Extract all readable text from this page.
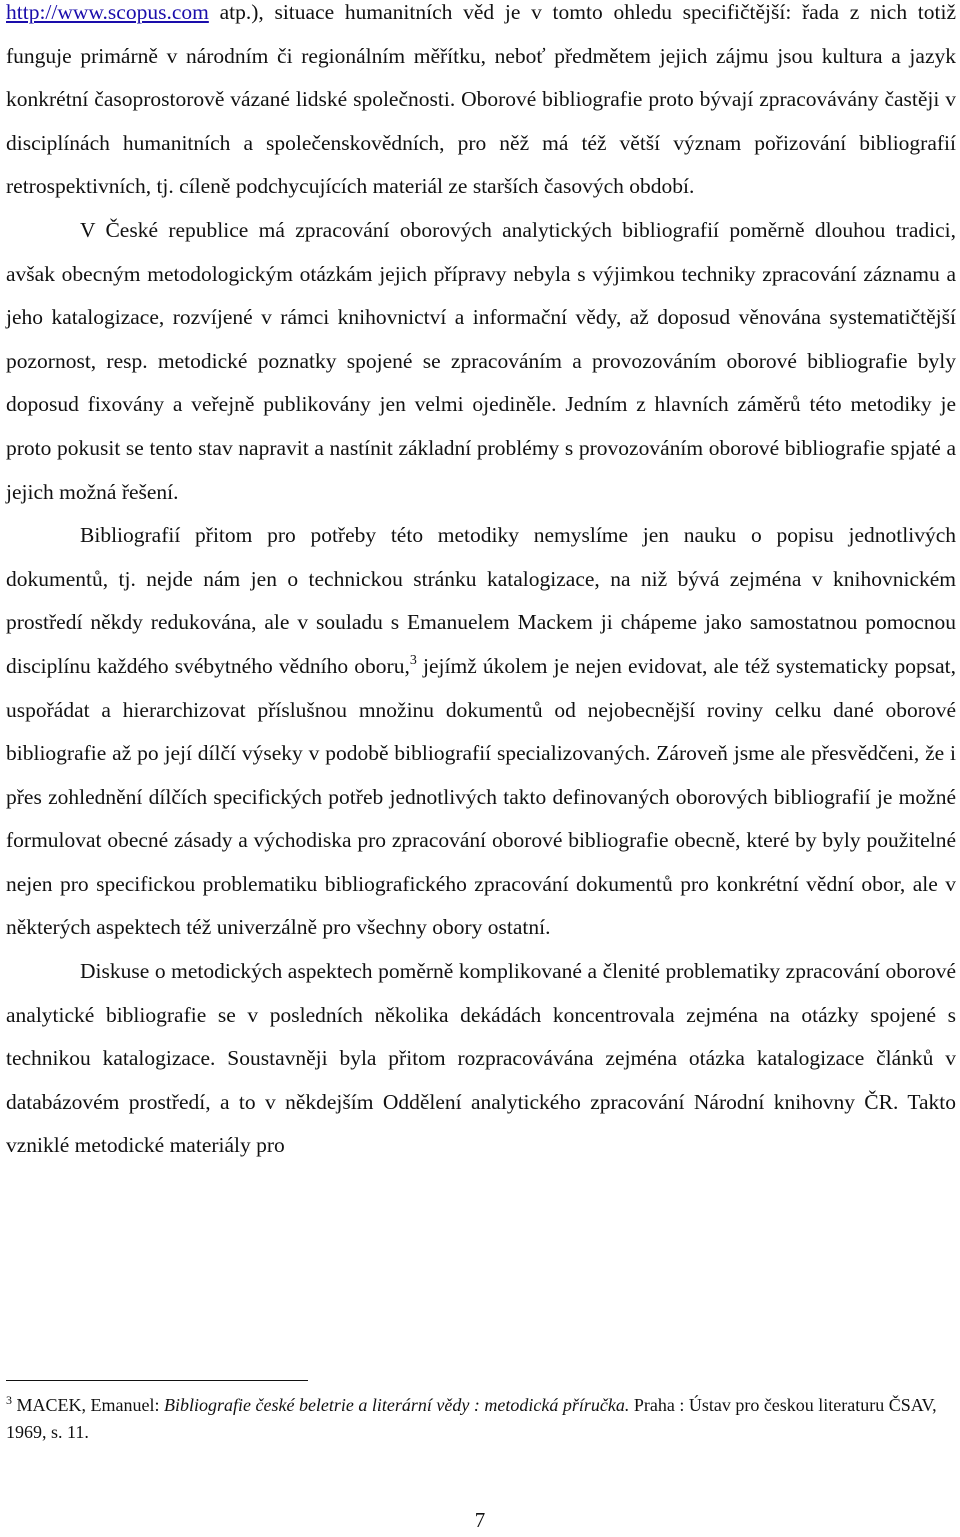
http://www.scopus.com atp.), situace humanitních věd je v tomto ohledu specifičtější: řada z nich totiž funguje primárně v národním či regionálním měřítku, neboť předmětem jejich zájmu jsou kultura a jazyk konkrétní časoprostorově vázané lidské společnosti. Oborové bibliografie proto bývají zpracovávány častěji v disciplínách humanitních a společenskovědních, pro něž má též větší význam pořizování bibliografií retrospektivních, tj. cíleně podchycujících materiál ze starších časových období.

V České republice má zpracování oborových analytických bibliografií poměrně dlouhou tradici, avšak obecným metodologickým otázkám jejich přípravy nebyla s výjimkou techniky zpracování záznamu a jeho katalogizace, rozvíjené v rámci knihovnictví a informační vědy, až doposud věnována systematičtější pozornost, resp. metodické poznatky spojené se zpracováním a provozováním oborové bibliografie byly doposud fixovány a veřejně publikovány jen velmi ojediněle. Jedním z hlavních záměrů této metodiky je proto pokusit se tento stav napravit a nastínit základní problémy s provozováním oborové bibliografie spjaté a jejich možná řešení.

Bibliografií přitom pro potřeby této metodiky nemyslíme jen nauku o popisu jednotlivých dokumentů, tj. nejde nám jen o technickou stránku katalogizace, na niž bývá zejména v knihovnickém prostředí někdy redukována, ale v souladu s Emanuelem Mackem ji chápeme jako samostatnou pomocnou disciplínu každého svébytného vědního oboru,$^3$ jejímž úkolem je nejen evidovat, ale též systematicky popsat, uspořádat a hierarchizovat příslušnou množinu dokumentů od nejobecnější roviny celku dané oborové bibliografie až po její dílčí výseky v podobě bibliografií specializovaných. Zároveň jsme ale přesvědčeni, že i přes zohlednění dílčích specifických potřeb jednotlivých takto definovaných oborových bibliografií je možné formulovat obecné zásady a východiska pro zpracování oborové bibliografie obecně, které by byly použitelné nejen pro specifickou problematiku bibliografického zpracování dokumentů pro konkrétní vědní obor, ale v některých aspektech též univerzálně pro všechny obory ostatní.

Diskuse o metodických aspektech poměrně komplikované a členité problematiky zpracování oborové analytické bibliografie se v posledních několika dekádách koncentrovala zejména na otázky spojené s technikou katalogizace. Soustavněji byla přitom rozpracovávána zejména otázka katalogizace článků v databázovém prostředí, a to v někdejším Oddělení analytického zpracování Národní knihovny ČR. Takto vzniklé metodické materiály pro

$^3$ MACEK, Emanuel: Bibliografie české beletrie a literární vědy : metodická příručka. Praha : Ústav pro českou literaturu ČSAV, 1969, s. 11.
7
